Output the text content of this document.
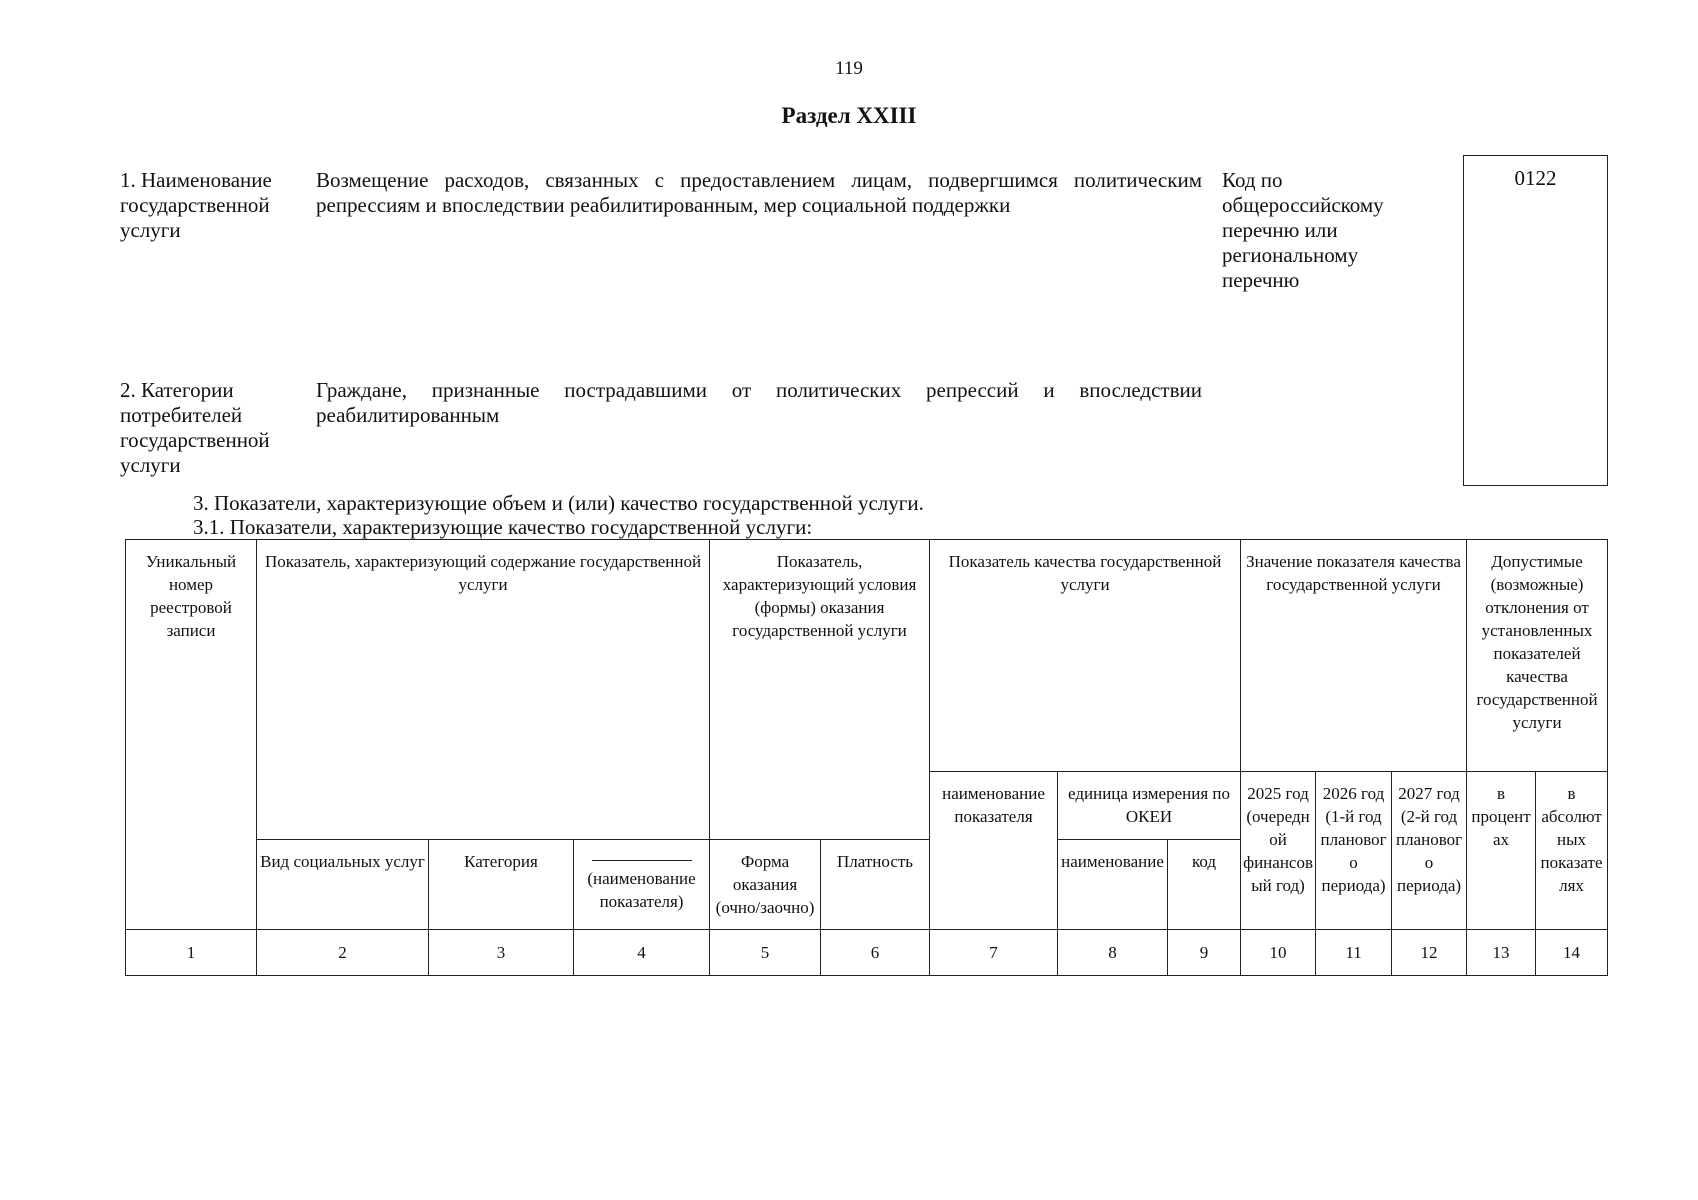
119
Раздел XXIII
1. Наименование государственной услуги
Возмещение расходов, связанных с предоставлением лицам, подвергшимся политическим репрессиям и впоследствии реабилитированным, мер социальной поддержки
Код по общероссийскому перечню или региональному перечню
0122
2. Категории потребителей государственной услуги
Граждане, признанные пострадавшими от политических репрессий и впоследствии реабилитированным
3. Показатели, характеризующие объем и (или) качество государственной услуги.
3.1. Показатели, характеризующие качество государственной услуги:
Уникальный номер реестровой записи	Показатель, характеризующий содержание государственной услуги			Показатель, характеризующий условия (формы) оказания государственной услуги		Показатель качества государственной услуги			Значение показателя качества государственной услуги			Допустимые (возможные) отклонения от установленных показателей качества государственной услуги	
						наименование показателя	единица измерения по ОКЕИ		2025 год (очередной финансовый год)	2026 год (1-й год планового периода)	2027 год (2-й год планового периода)	в процентах	в абсолютных показателях
	Вид социальных услуг	Категория	(наименование показателя)	Форма оказания (очно/заочно)	Платность		наименование	код					
1	2	3	4	5	6	7	8	9	10	11	12	13	14
